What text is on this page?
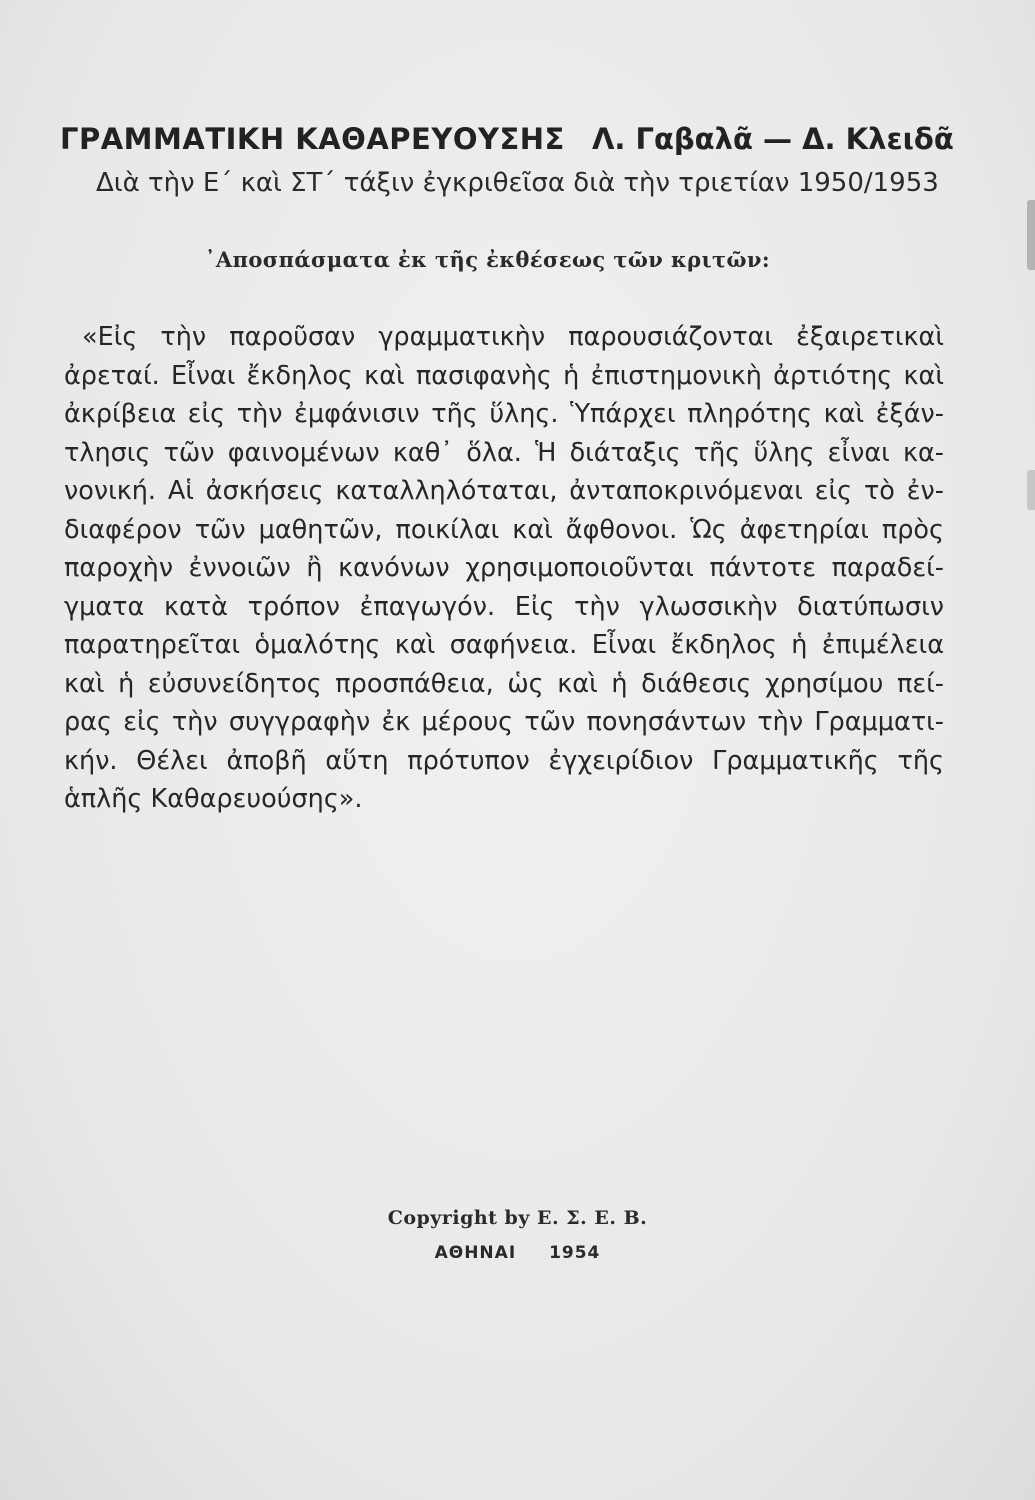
ΓΡΑΜΜΑΤΙΚΗ ΚΑΘΑΡΕΥΟΥΣΗΣ Λ. Γαβαλᾶ — Δ. Κλειδᾶ
Διὰ τὴν Ε΄ καὶ ΣΤ΄ τάξιν ἐγκριθεῖσα διὰ τὴν τριετίαν 1950/1953
᾿Αποσπάσματα ἐκ τῆς ἐκθέσεως τῶν κριτῶν:
«Εἰς τὴν παροῦσαν γραμματικὴν παρουσιάζονται ἐξαιρετικαὶ
ἀρεταί. Εἶναι ἔκδηλος καὶ πασιφανὴς ἡ ἐπιστημονικὴ ἀρτιότης καὶ
ἀκρίβεια εἰς τὴν ἐμφάνισιν τῆς ὕλης. Ὑπάρχει πληρότης καὶ ἐξάν-
τλησις τῶν φαινομένων καθ᾿ ὅλα. Ἡ διάταξις τῆς ὕλης εἶναι κα-
νονική. Αἱ ἀσκήσεις καταλληλόταται, ἀνταποκρινόμεναι εἰς τὸ ἐν-
διαφέρον τῶν μαθητῶν, ποικίλαι καὶ ἄφθονοι. Ὡς ἀφετηρίαι πρὸς
παροχὴν ἐννοιῶν ἢ κανόνων χρησιμοποιοῦνται πάντοτε παραδεί-
γματα κατὰ τρόπον ἐπαγωγόν. Εἰς τὴν γλωσσικὴν διατύπωσιν
παρατηρεῖται ὁμαλότης καὶ σαφήνεια. Εἶναι ἔκδηλος ἡ ἐπιμέλεια
καὶ ἡ εὐσυνείδητος προσπάθεια, ὡς καὶ ἡ διάθεσις χρησίμου πεί-
ρας εἰς τὴν συγγραφὴν ἐκ μέρους τῶν πονησάντων τὴν Γραμματι-
κήν. Θέλει ἀποβῆ αὕτη πρότυπον ἐγχειρίδιον Γραμματικῆς τῆς
ἁπλῆς Καθαρευούσης».
Copyright by Ε. Σ. Ε. Β.
ΑΘΗΝΑΙ 1954
